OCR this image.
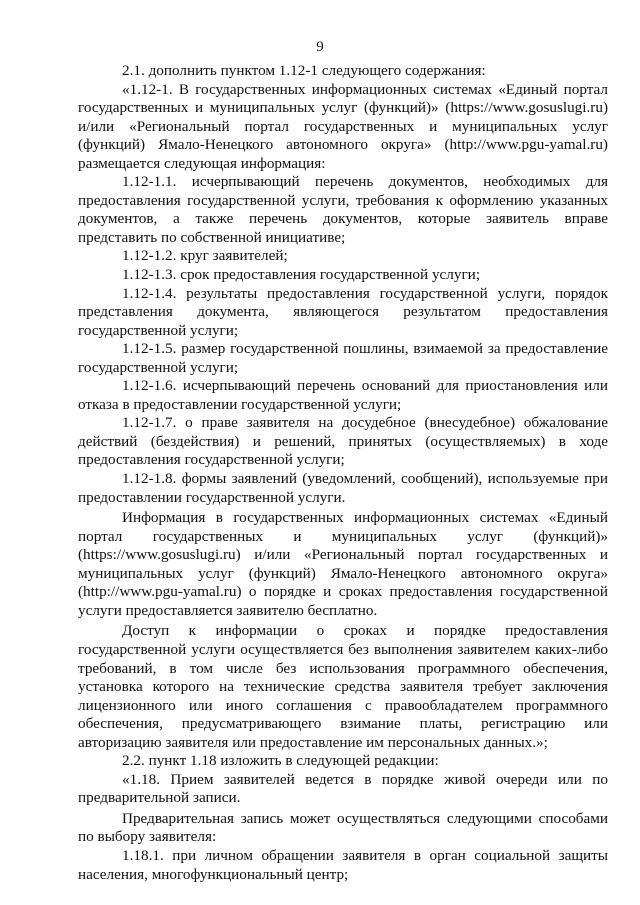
9

2.1. дополнить пунктом 1.12-1 следующего содержания:

«1.12-1. В государственных информационных системах «Единый портал государственных и муниципальных услуг (функций)» (https://www.gosuslugi.ru) и/или «Региональный портал государственных и муниципальных услуг (функций) Ямало-Ненецкого автономного округа» (http://www.pgu-yamal.ru) размещается следующая информация:

1.12-1.1. исчерпывающий перечень документов, необходимых для предоставления государственной услуги, требования к оформлению указанных документов, а также перечень документов, которые заявитель вправе представить по собственной инициативе;

1.12-1.2. круг заявителей;

1.12-1.3. срок предоставления государственной услуги;

1.12-1.4. результаты предоставления государственной услуги, порядок представления документа, являющегося результатом предоставления государственной услуги;

1.12-1.5. размер государственной пошлины, взимаемой за предоставление государственной услуги;

1.12-1.6. исчерпывающий перечень оснований для приостановления или отказа в предоставлении государственной услуги;

1.12-1.7. о праве заявителя на досудебное (внесудебное) обжалование действий (бездействия) и решений, принятых (осуществляемых) в ходе предоставления государственной услуги;

1.12-1.8. формы заявлений (уведомлений, сообщений), используемые при предоставлении государственной услуги.

Информация в государственных информационных системах «Единый портал государственных и муниципальных услуг (функций)» (https://www.gosuslugi.ru) и/или «Региональный портал государственных и муниципальных услуг (функций) Ямало-Ненецкого автономного округа» (http://www.pgu-yamal.ru) о порядке и сроках предоставления государственной услуги предоставляется заявителю бесплатно.

Доступ к информации о сроках и порядке предоставления государственной услуги осуществляется без выполнения заявителем каких-либо требований, в том числе без использования программного обеспечения, установка которого на технические средства заявителя требует заключения лицензионного или иного соглашения с правообладателем программного обеспечения, предусматривающего взимание платы, регистрацию или авторизацию заявителя или предоставление им персональных данных.»;

2.2. пункт 1.18 изложить в следующей редакции:

«1.18. Прием заявителей ведется в порядке живой очереди или по предварительной записи.

Предварительная запись может осуществляться следующими способами по выбору заявителя:

1.18.1. при личном обращении заявителя в орган социальной защиты населения, многофункциональный центр;
